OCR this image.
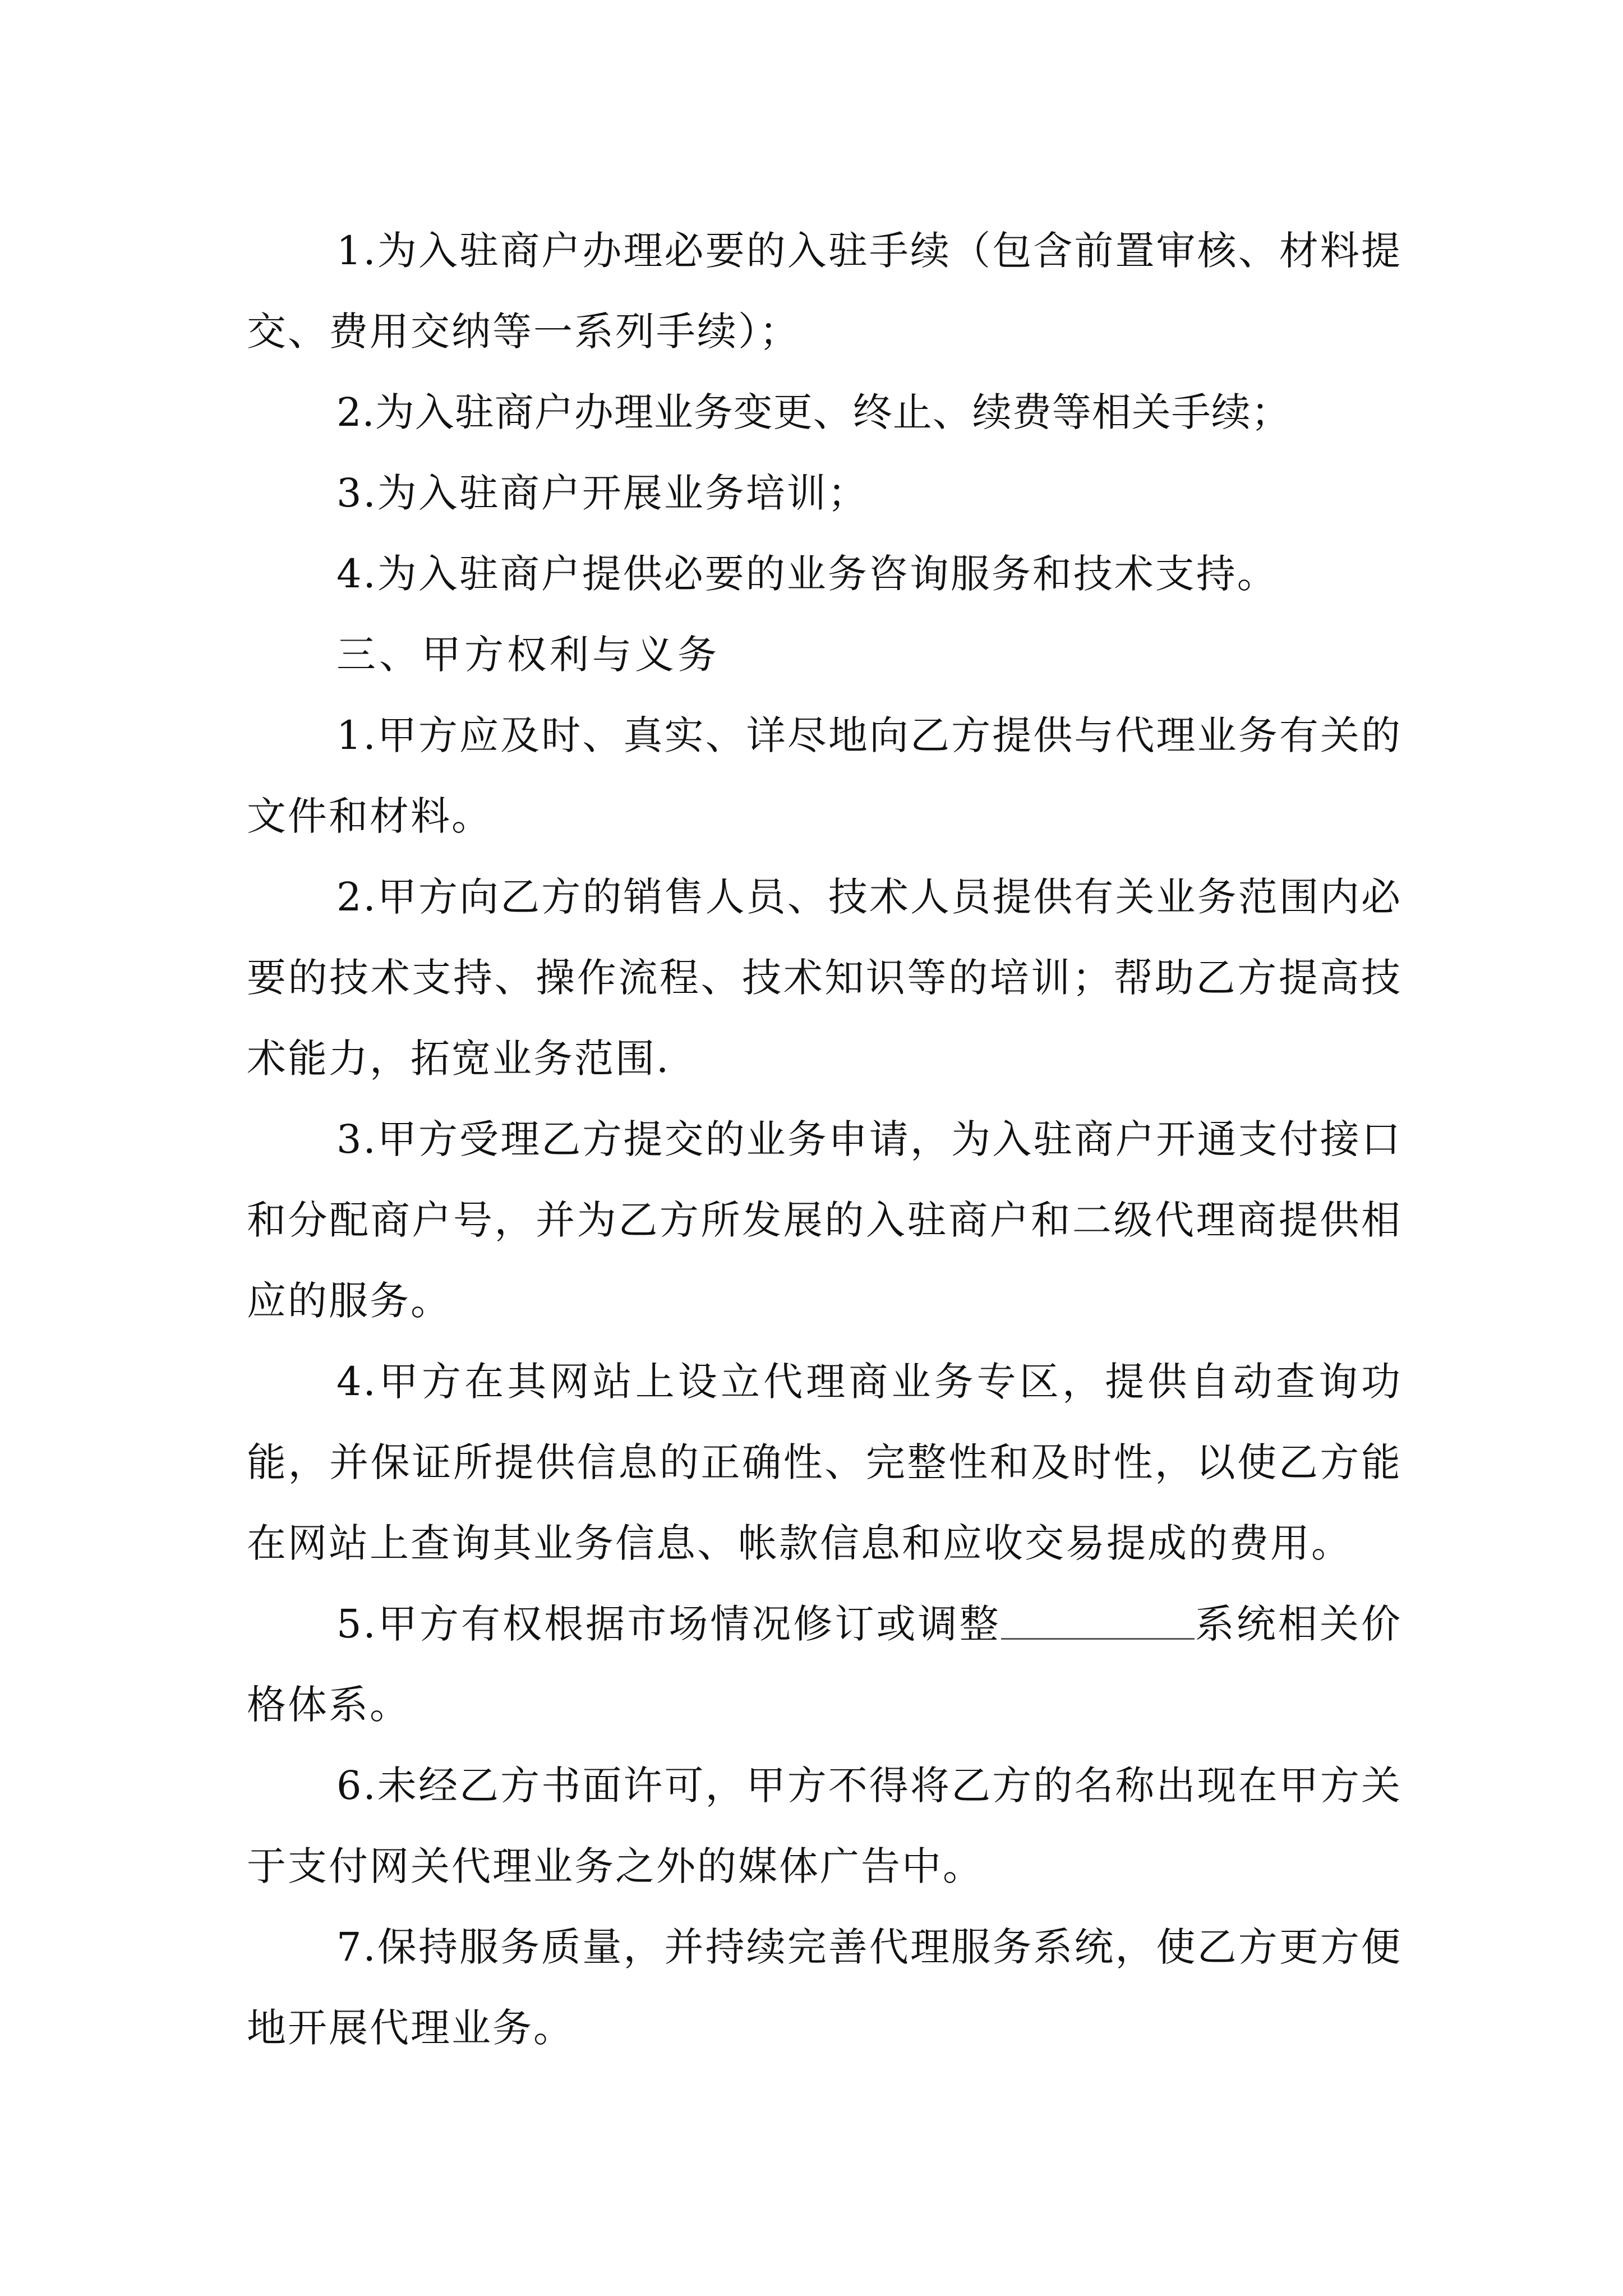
1.为入驻商户办理必要的入驻手续（包含前置审核、材料提交、费用交纳等一系列手续）；

2.为入驻商户办理业务变更、终止、续费等相关手续；

3.为入驻商户开展业务培训；

4.为入驻商户提供必要的业务咨询服务和技术支持。

三、甲方权利与义务

1.甲方应及时、真实、详尽地向乙方提供与代理业务有关的文件和材料。

2.甲方向乙方的销售人员、技术人员提供有关业务范围内必要的技术支持、操作流程、技术知识等的培训；帮助乙方提高技术能力，拓宽业务范围.

3.甲方受理乙方提交的业务申请，为入驻商户开通支付接口和分配商户号，并为乙方所发展的入驻商户和二级代理商提供相应的服务。

4.甲方在其网站上设立代理商业务专区，提供自动查询功能，并保证所提供信息的正确性、完整性和及时性，以使乙方能在网站上查询其业务信息、帐款信息和应收交易提成的费用。

5.甲方有权根据市场情况修订或调整	系统相关价格体系。

6.未经乙方书面许可，甲方不得将乙方的名称出现在甲方关于支付网关代理业务之外的媒体广告中。

7.保持服务质量，并持续完善代理服务系统，使乙方更方便地开展代理业务。
